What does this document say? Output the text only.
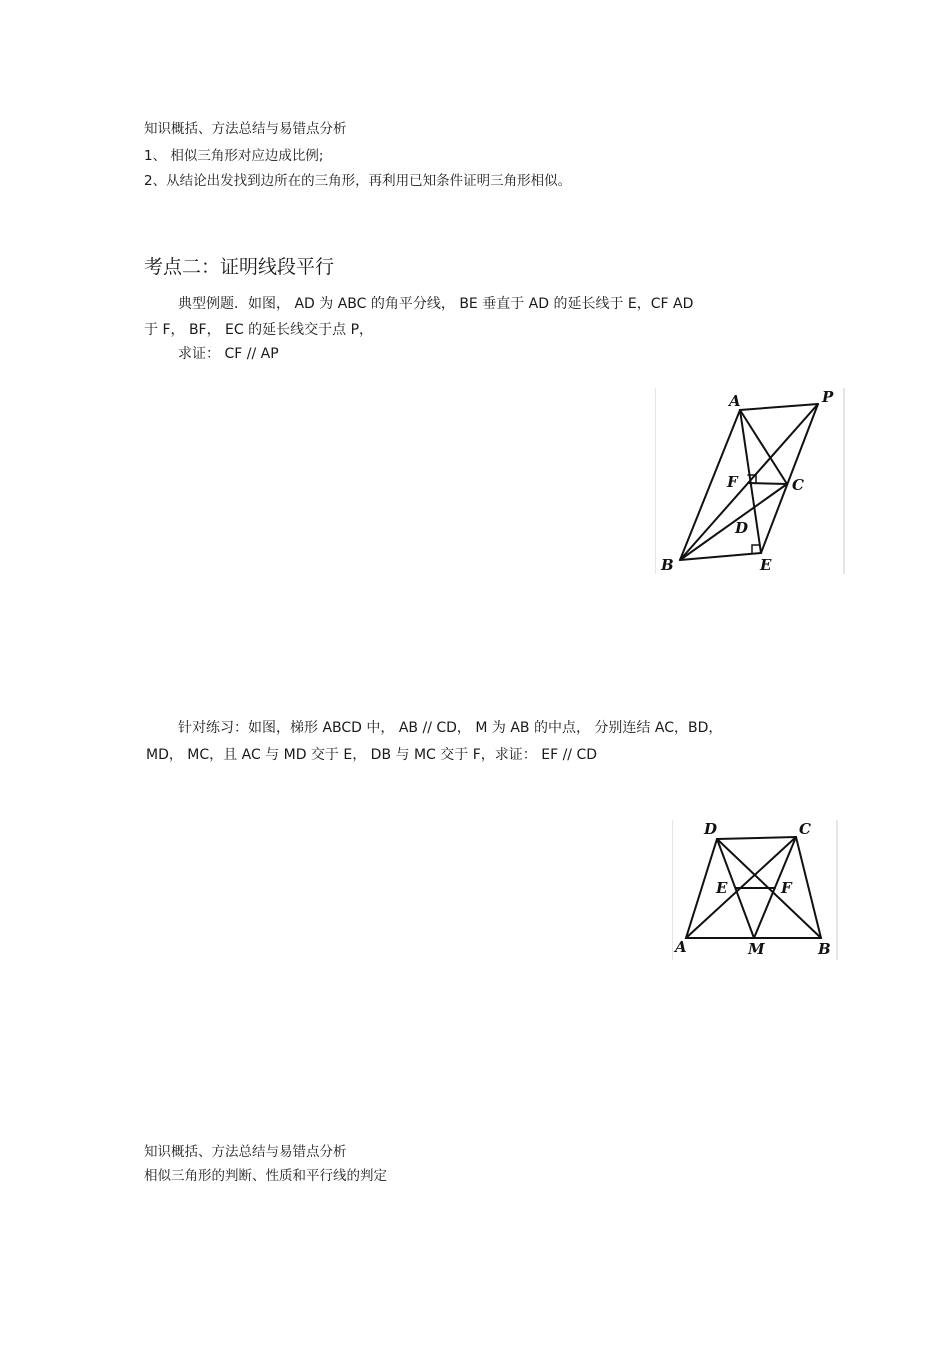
知识概括、方法总结与易错点分析
1、 相似三角形对应边成比例;
2、从结论出发找到边所在的三角形，再利用已知条件证明三角形相似。
考点二：证明线段平行
典型例题．如图， AD 为 ABC 的角平分线， BE 垂直于 AD 的延长线于 E，CF AD
于 F， BF， EC 的延长线交于点 P，
求证： CF // AP
A	P
F	C
D
B	E
针对练习：如图，梯形 ABCD 中， AB // CD， M 为 AB 的中点， 分别连结 AC，BD，
MD， MC，且 AC 与 MD 交于 E， DB 与 MC 交于 F，求证： EF // CD
D	C
E	F
A	M	B
知识概括、方法总结与易错点分析
相似三角形的判断、性质和平行线的判定
